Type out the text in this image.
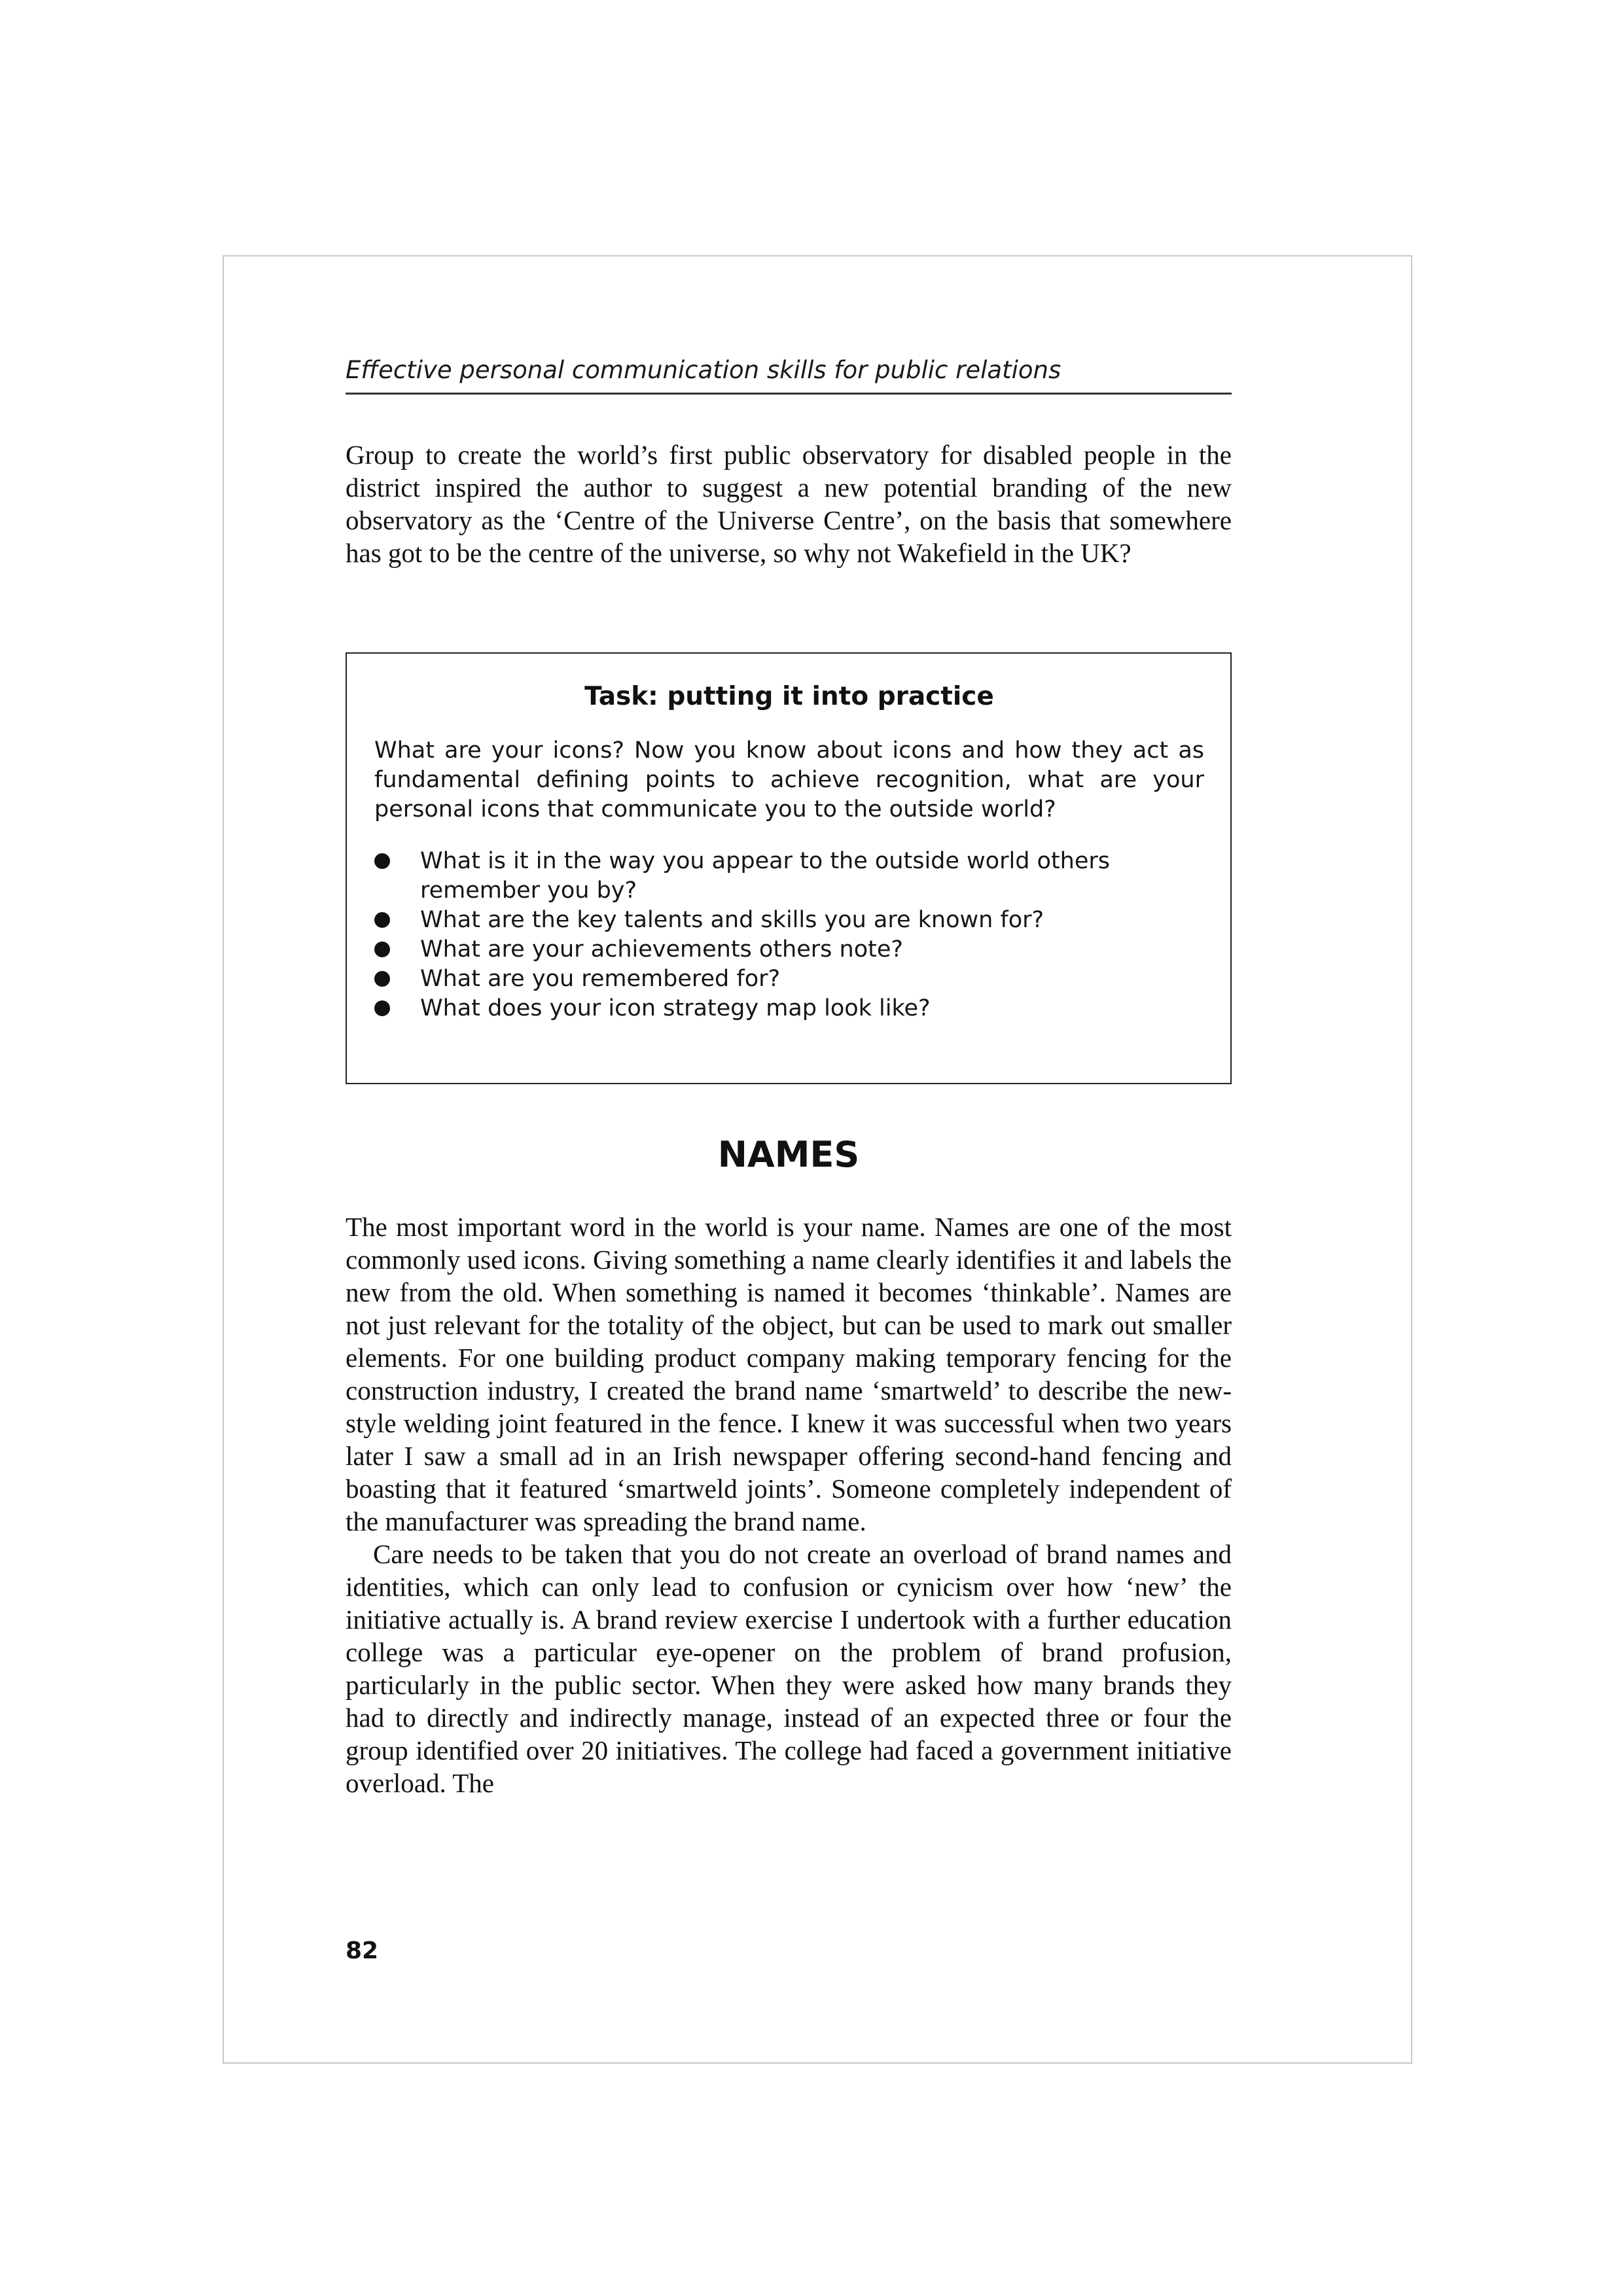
Effective personal communication skills for public relations

Group to create the world’s first public observatory for disabled people in the district inspired the author to suggest a new potential branding of the new observatory as the ‘Centre of the Universe Centre’, on the basis that somewhere has got to be the centre of the universe, so why not Wakefield in the UK?

Task: putting it into practice

What are your icons? Now you know about icons and how they act as fundamental defining points to achieve recognition, what are your personal icons that communicate you to the outside world?

What is it in the way you appear to the outside world others remember you by?
What are the key talents and skills you are known for?
What are your achievements others note?
What are you remembered for?
What does your icon strategy map look like?
NAMES

The most important word in the world is your name. Names are one of the most commonly used icons. Giving something a name clearly identifies it and labels the new from the old. When something is named it becomes ‘thinkable’. Names are not just relevant for the totality of the object, but can be used to mark out smaller elements. For one building product company making temporary fencing for the construction industry, I created the brand name ‘smartweld’ to describe the new-style welding joint featured in the fence. I knew it was successful when two years later I saw a small ad in an Irish newspaper offering second-hand fencing and boasting that it featured ‘smartweld joints’. Someone completely independent of the manufacturer was spreading the brand name.

Care needs to be taken that you do not create an overload of brand names and identities, which can only lead to confusion or cynicism over how ‘new’ the initiative actually is. A brand review exercise I undertook with a further education college was a particular eye-opener on the problem of brand profusion, particularly in the public sector. When they were asked how many brands they had to directly and indirectly manage, instead of an expected three or four the group identified over 20 initiatives. The college had faced a government initiative overload. The

82
